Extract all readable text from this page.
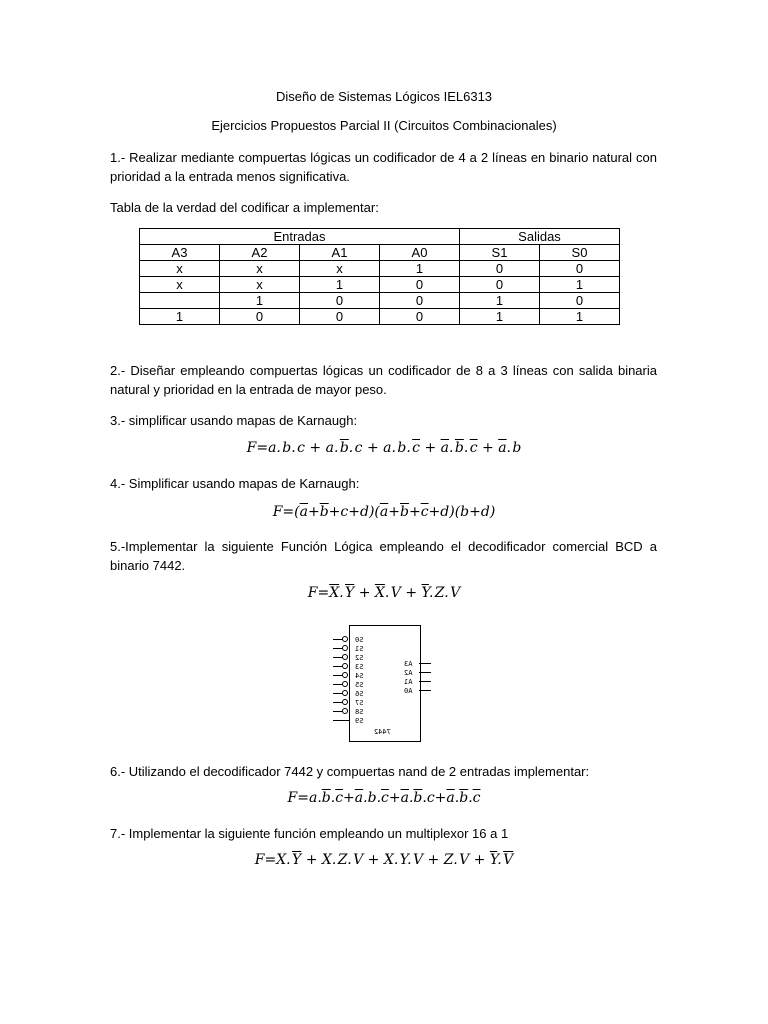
Diseño de Sistemas Lógicos IEL6313
Ejercicios Propuestos Parcial II (Circuitos Combinacionales)
1.- Realizar mediante compuertas lógicas un codificador de 4 a 2 líneas en binario natural con prioridad a la entrada menos significativa.
Tabla de la verdad del codificar a implementar:
Entradas				Salidas	
A3	A2	A1	A0	S1	S0
x	x	x	1	0	0
x	x	1	0	0	1
	1	0	0	1	0
1	0	0	0	1	1
2.- Diseñar empleando compuertas lógicas un codificador de 8 a 3 líneas con salida binaria natural y prioridad en la entrada de mayor peso.
3.- simplificar usando mapas de Karnaugh:
F=a. b. c + a. $\overline{b}$. c + a. b. $\overline{c} + \overline{a}$. $\overline{b}$. $\overline{c} + \overline{a}$. b
4.- Simplificar usando mapas de Karnaugh:
$F=(\overline{a}+\overline{b}+c+d)(\overline{a}+\overline{b}+\overline{c}+d)(b+d)$
5.-Implementar la siguiente Función Lógica empleando el decodificador comercial BCD a binario 7442.
$F=\overline{X}$. $\overline{Y} + \overline{X}$. $V + \overline{Y}$. Z. V
S0
S1
S2
S3
S4
S5
S6
S7
S8
S9
A3
A2
A1
A0
7442
6.- Utilizando el decodificador 7442 y compuertas nand de 2 entradas implementar:
$F=a.\overline{b}.\overline{c}+\overline{a}.b.\overline{c}+\overline{a}.\overline{b}.c+\overline{a}.\overline{b}.\overline{c}$
7.- Implementar la siguiente función empleando un multiplexor 16 a 1
F=X. $\overline{Y} + X$. Z. V + X. Y. V + Z. $V + \overline{Y}$. $\overline{V}$
